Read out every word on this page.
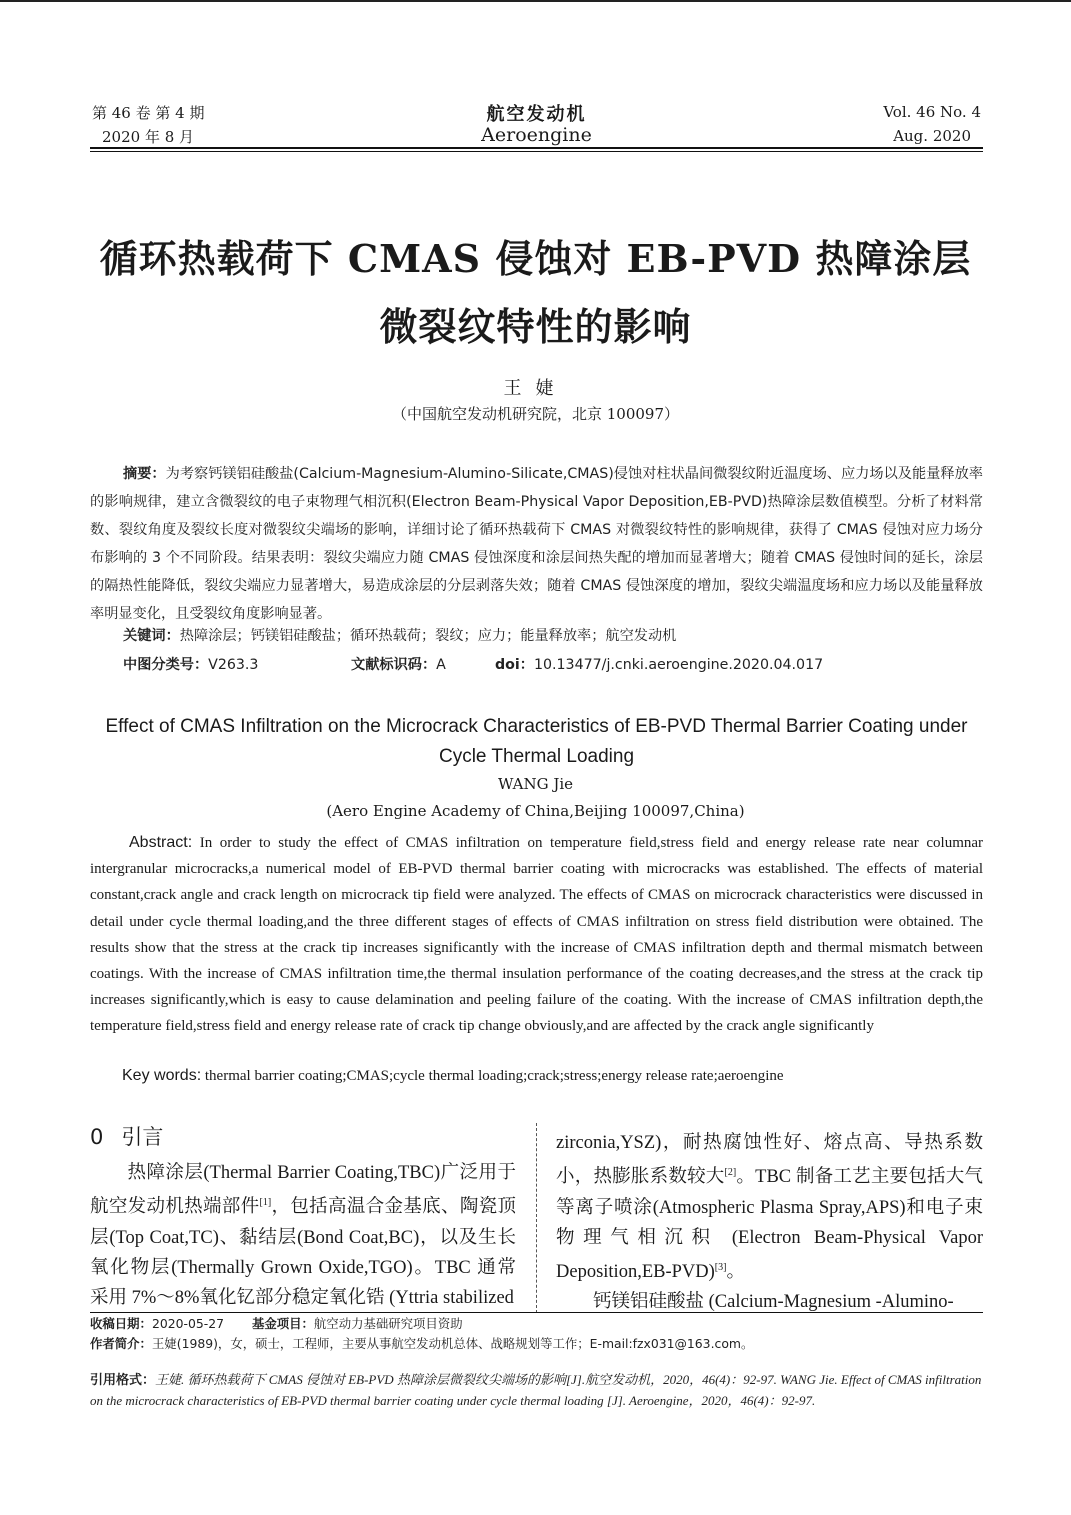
第 46 卷 第 4 期
2020 年 8 月
航空发动机
Aeroengine
Vol. 46 No. 4
Aug. 2020
循环热载荷下 CMAS 侵蚀对 EB-PVD 热障涂层
微裂纹特性的影响
王婕
（中国航空发动机研究院，北京 100097）
摘要：为考察钙镁铝硅酸盐(Calcium-Magnesium-Alumino-Silicate,CMAS)侵蚀对柱状晶间微裂纹附近温度场、应力场以及能量释放率的影响规律，建立含微裂纹的电子束物理气相沉积(Electron Beam-Physical Vapor Deposition,EB-PVD)热障涂层数值模型。分析了材料常数、裂纹角度及裂纹长度对微裂纹尖端场的影响，详细讨论了循环热载荷下 CMAS 对微裂纹特性的影响规律，获得了 CMAS 侵蚀对应力场分布影响的 3 个不同阶段。结果表明：裂纹尖端应力随 CMAS 侵蚀深度和涂层间热失配的增加而显著增大；随着 CMAS 侵蚀时间的延长，涂层的隔热性能降低，裂纹尖端应力显著增大，易造成涂层的分层剥落失效；随着 CMAS 侵蚀深度的增加，裂纹尖端温度场和应力场以及能量释放率明显变化，且受裂纹角度影响显著。
关键词：热障涂层；钙镁铝硅酸盐；循环热载荷；裂纹；应力；能量释放率；航空发动机
中图分类号：V263.3	文献标识码：A	doi：10.13477/j.cnki.aeroengine.2020.04.017
Effect of CMAS Infiltration on the Microcrack Characteristics of EB-PVD Thermal Barrier Coating under Cycle Thermal Loading
WANG Jie
(Aero Engine Academy of China,Beijing 100097,China)
Abstract: In order to study the effect of CMAS infiltration on temperature field,stress field and energy release rate near columnar intergranular microcracks,a numerical model of EB-PVD thermal barrier coating with microcracks was established. The effects of material constant,crack angle and crack length on microcrack tip field were analyzed. The effects of CMAS on microcrack characteristics were discussed in detail under cycle thermal loading,and the three different stages of effects of CMAS infiltration on stress field distribution were obtained. The results show that the stress at the crack tip increases significantly with the increase of CMAS infiltration depth and thermal mismatch between coatings. With the increase of CMAS infiltration time,the thermal insulation performance of the coating decreases,and the stress at the crack tip increases significantly,which is easy to cause delamination and peeling failure of the coating. With the increase of CMAS infiltration depth,the temperature field,stress field and energy release rate of crack tip change obviously,and are affected by the crack angle significantly
Key words: thermal barrier coating;CMAS;cycle thermal loading;crack;stress;energy release rate;aeroengine
0 引言
热障涂层(Thermal Barrier Coating,TBC)广泛用于航空发动机热端部件[1]，包括高温合金基底、陶瓷顶层(Top Coat,TC)、黏结层(Bond Coat,BC)，以及生长氧化物层(Thermally Grown Oxide,TGO)。TBC 通常采用 7%～8%氧化钇部分稳定氧化锆 (Yttria stabilized
zirconia,YSZ)，耐热腐蚀性好、熔点高、导热系数小，热膨胀系数较大[2]。TBC 制备工艺主要包括大气等离子喷涂(Atmospheric Plasma Spray,APS)和电子束物理气相沉积 (Electron Beam-Physical Vapor Deposition,EB-PVD)[3]。
钙镁铝硅酸盐 (Calcium-Magnesium -Alumino-
收稿日期：2020-05-27 基金项目：航空动力基础研究项目资助
作者简介：王婕(1989)，女，硕士，工程师，主要从事航空发动机总体、战略规划等工作；E-mail:fzx031@163.com。
引用格式：王婕. 循环热载荷下 CMAS 侵蚀对 EB-PVD 热障涂层微裂纹尖端场的影响[J].航空发动机，2020，46(4)：92-97. WANG Jie. Effect of CMAS infiltration on the microcrack characteristics of EB-PVD thermal barrier coating under cycle thermal loading [J]. Aeroengine，2020，46(4)：92-97.
